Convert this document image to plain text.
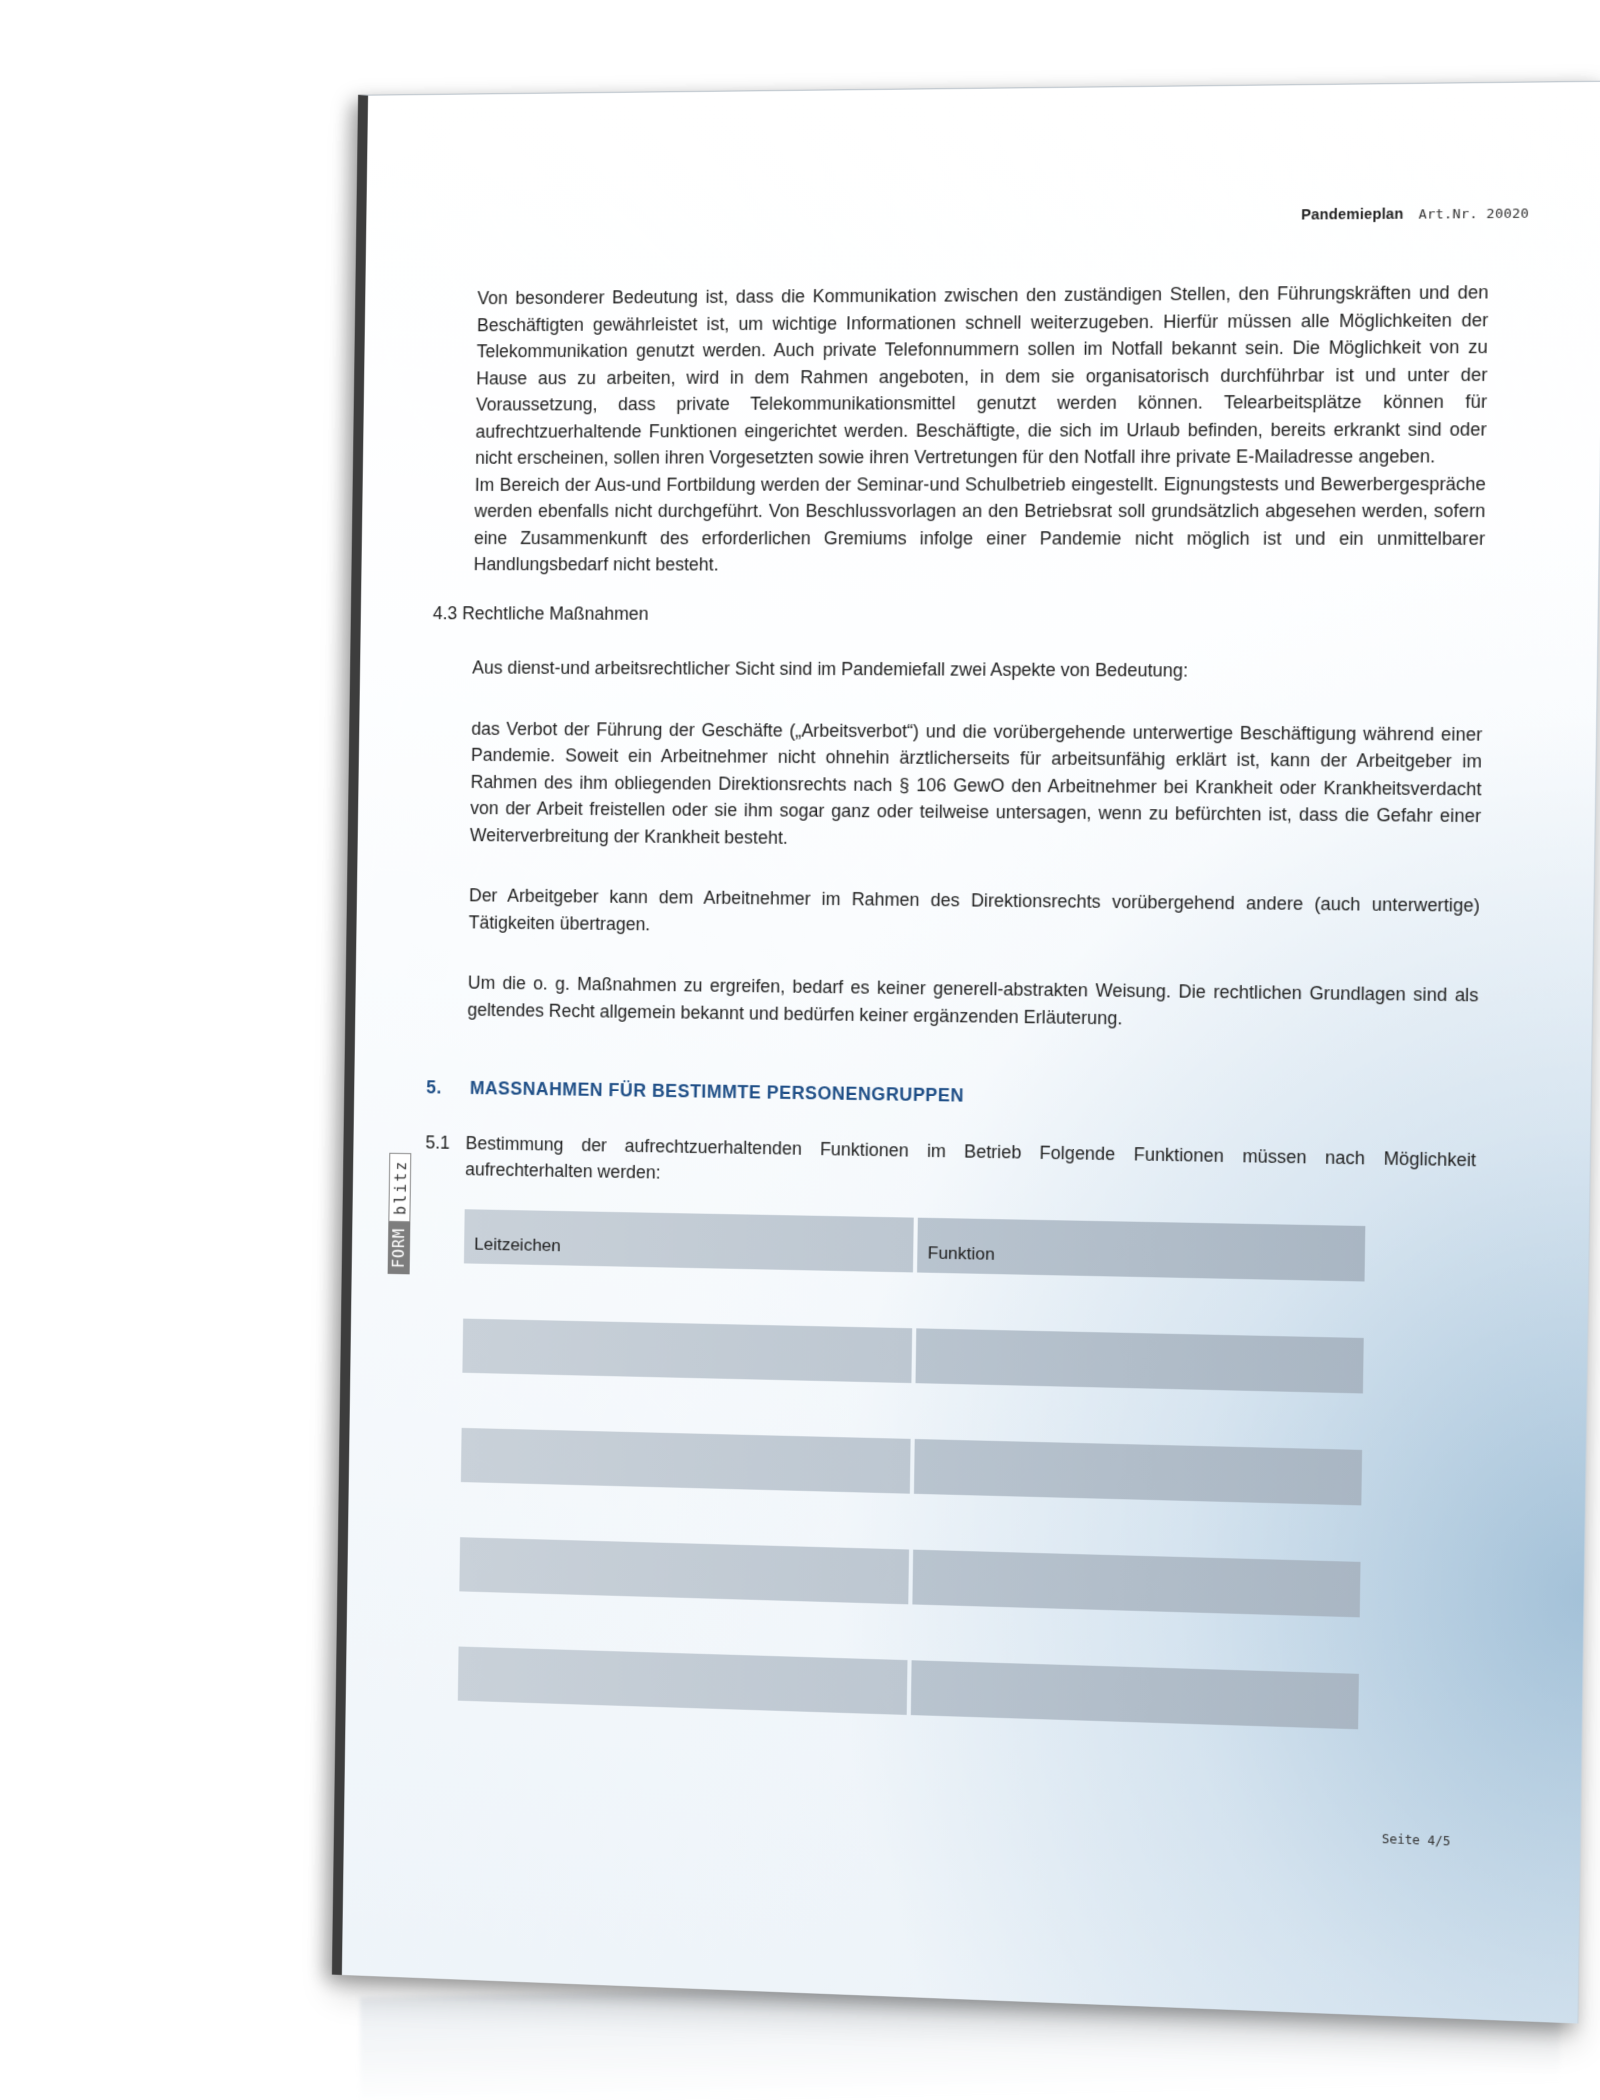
Pandemieplan Art.Nr. 20020
FORM
blitz

Von besonderer Bedeutung ist, dass die Kommunikation zwischen den zuständigen Stellen, den Führungskräften und den Beschäftigten gewährleistet ist, um wichtige Informationen schnell weiterzugeben. Hierfür müssen alle Möglichkeiten der Telekommunikation genutzt werden. Auch private Telefonnummern sollen im Notfall bekannt sein. Die Möglichkeit von zu Hause aus zu arbeiten, wird in dem Rahmen angeboten, in dem sie organisatorisch durchführbar ist und unter der Voraussetzung, dass private Telekommunikationsmittel genutzt werden können. Telearbeitsplätze können für aufrechtzuerhaltende Funktionen eingerichtet werden. Beschäftigte, die sich im Urlaub befinden, bereits erkrankt sind oder nicht erscheinen, sollen ihren Vorgesetzten sowie ihren Vertretungen für den Notfall ihre private E-Mailadresse angeben.

Im Bereich der Aus-und Fortbildung werden der Seminar-und Schulbetrieb eingestellt. Eignungstests und Bewerbergespräche werden ebenfalls nicht durchgeführt. Von Beschlussvorlagen an den Betriebsrat soll grundsätzlich abgesehen werden, sofern eine Zusammenkunft des erforderlichen Gremiums infolge einer Pandemie nicht möglich ist und ein unmittelbarer Handlungsbedarf nicht besteht.

4.3 Rechtliche Maßnahmen

Aus dienst-und arbeitsrechtlicher Sicht sind im Pandemiefall zwei Aspekte von Bedeutung:

das Verbot der Führung der Geschäfte („Arbeitsverbot“) und die vorübergehende unterwertige Beschäftigung während einer Pandemie. Soweit ein Arbeitnehmer nicht ohnehin ärztlicherseits für arbeitsunfähig erklärt ist, kann der Arbeitgeber im Rahmen des ihm obliegenden Direktionsrechts nach § 106 GewO den Arbeitnehmer bei Krankheit oder Krankheitsverdacht von der Arbeit freistellen oder sie ihm sogar ganz oder teilweise untersagen, wenn zu befürchten ist, dass die Gefahr einer Weiterverbreitung der Krankheit besteht.

Der Arbeitgeber kann dem Arbeitnehmer im Rahmen des Direktionsrechts vorübergehend andere (auch unterwertige) Tätigkeiten übertragen.

Um die o. g. Maßnahmen zu ergreifen, bedarf es keiner generell-abstrakten Weisung. Die rechtlichen Grundlagen sind als geltendes Recht allgemein bekannt und bedürfen keiner ergänzenden Erläuterung.

5. MASSNAHMEN FÜR BESTIMMTE PERSONENGRUPPEN
5.1 Bestimmung der aufrechtzuerhaltenden Funktionen im Betrieb Folgende Funktionen müssen nach Möglichkeit aufrechterhalten werden:
Leitzeichen	Funktion
Seite 4/5
